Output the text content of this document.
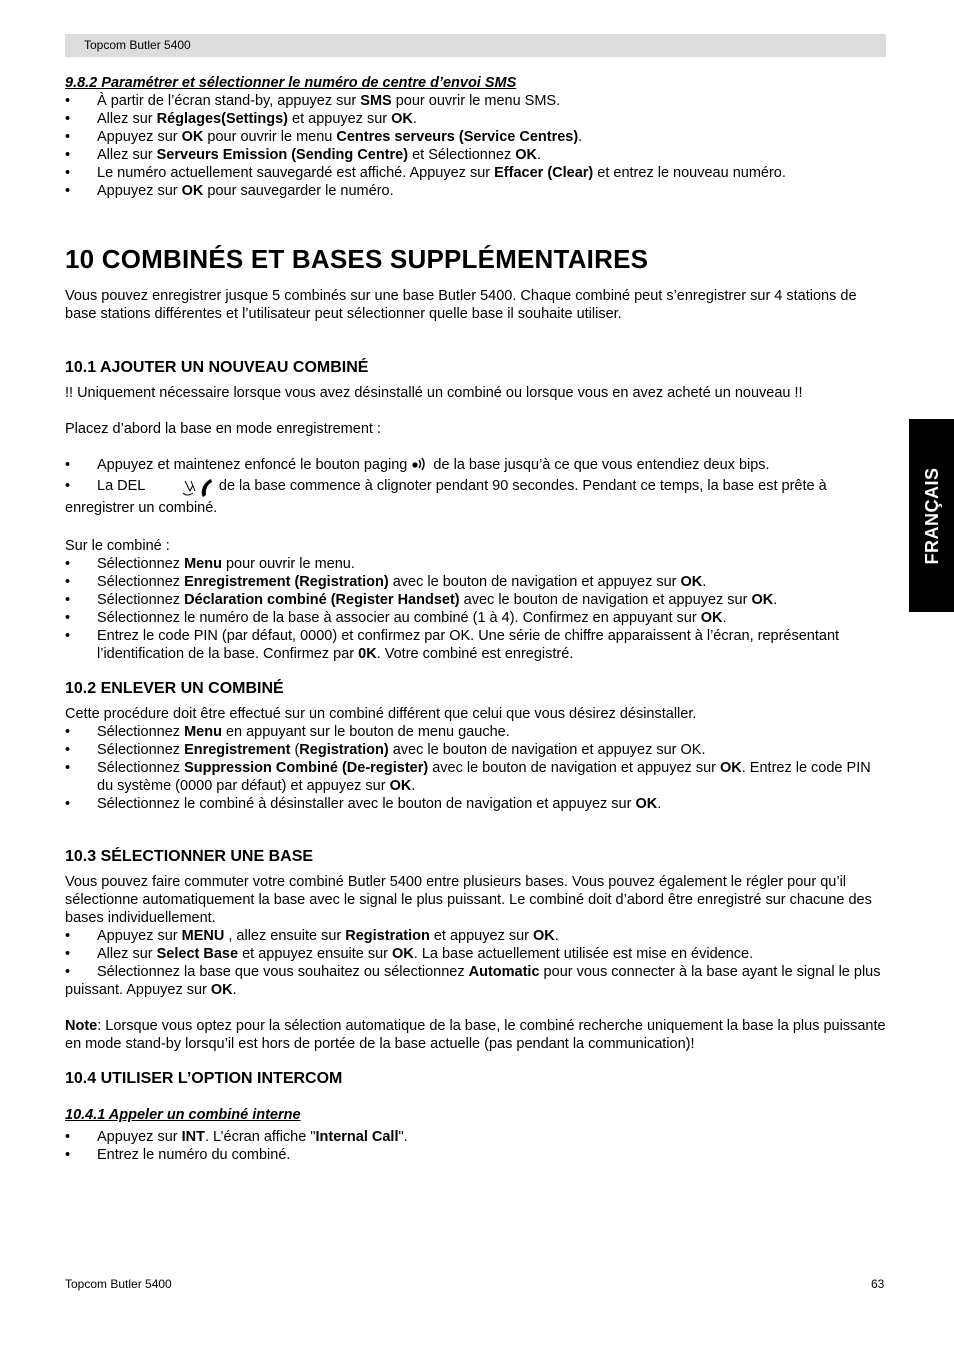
Topcom Butler 5400
FRANÇAIS

9.8.2 Paramétrer et sélectionner le numéro de centre d’envoi SMS

• À partir de l’écran stand-by, appuyez sur SMS pour ouvrir le menu SMS.
• Allez sur Réglages(Settings) et appuyez sur OK.
• Appuyez sur OK pour ouvrir le menu Centres serveurs (Service Centres).
• Allez sur Serveurs Emission (Sending Centre) et Sélectionnez OK.
• Le numéro actuellement sauvegardé est affiché. Appuyez sur Effacer (Clear) et entrez le nouveau numéro.
• Appuyez sur OK pour sauvegarder le numéro.
10 COMBINÉS ET BASES SUPPLÉMENTAIRES

Vous pouvez enregistrer jusque 5 combinés sur une base Butler 5400. Chaque combiné peut s’enregistrer sur 4 stations de base stations différentes et l’utilisateur peut sélectionner quelle base il souhaite utiliser.

10.1 AJOUTER UN NOUVEAU COMBINÉ

!! Uniquement nécessaire lorsque vous avez désinstallé un combiné ou lorsque vous en avez acheté un nouveau !!

Placez d’abord la base en mode enregistrement :

• Appuyez et maintenez enfoncé le bouton paging  de la base jusqu’à ce que vous entendiez deux bips.
• La DEL	de la base commence à clignoter pendant 90 secondes. Pendant ce temps, la base est prête à enregistrer un combiné.

Sur le combiné :

• Sélectionnez Menu pour ouvrir le menu.
• Sélectionnez Enregistrement (Registration) avec le bouton de navigation et appuyez sur OK.
• Sélectionnez Déclaration combiné (Register Handset) avec le bouton de navigation et appuyez sur OK.
• Sélectionnez le numéro de la base à associer au combiné (1 à 4). Confirmez en appuyant sur OK.
• Entrez le code PIN (par défaut, 0000) et confirmez par OK. Une série de chiffre apparaissent à l’écran, représentant l’identification de la base. Confirmez par 0K. Votre combiné est enregistré.
10.2 ENLEVER UN COMBINÉ

Cette procédure doit être effectué sur un combiné différent que celui que vous désirez désinstaller.

• Sélectionnez Menu en appuyant sur le bouton de menu gauche.
• Sélectionnez Enregistrement (Registration) avec le bouton de navigation et appuyez sur OK.
• Sélectionnez Suppression Combiné (De-register) avec le bouton de navigation et appuyez sur OK. Entrez le code PIN du système (0000 par défaut) et appuyez sur OK.
• Sélectionnez le combiné à désinstaller avec le bouton de navigation et appuyez sur OK.
10.3 SÉLECTIONNER UNE BASE

Vous pouvez faire commuter votre combiné Butler 5400 entre plusieurs bases. Vous pouvez également le régler pour qu’il sélectionne automatiquement la base avec le signal le plus puissant. Le combiné doit d’abord être enregistré sur chacune des bases individuellement.

• Appuyez sur MENU , allez ensuite sur Registration et appuyez sur OK.
• Allez sur Select Base et appuyez ensuite sur OK. La base actuellement utilisée est mise en évidence.
• Sélectionnez la base que vous souhaitez ou sélectionnez Automatic pour vous connecter à la base ayant le signal le plus puissant. Appuyez sur OK.

Note: Lorsque vous optez pour la sélection automatique de la base, le combiné recherche uniquement la base la plus puissante en mode stand-by lorsqu’il est hors de portée de la base actuelle (pas pendant la communication)!

10.4 UTILISER L’OPTION INTERCOM

10.4.1 Appeler un combiné interne

• Appuyez sur INT. L’écran affiche "Internal Call".
• Entrez le numéro du combiné.
Topcom Butler 5400	63
